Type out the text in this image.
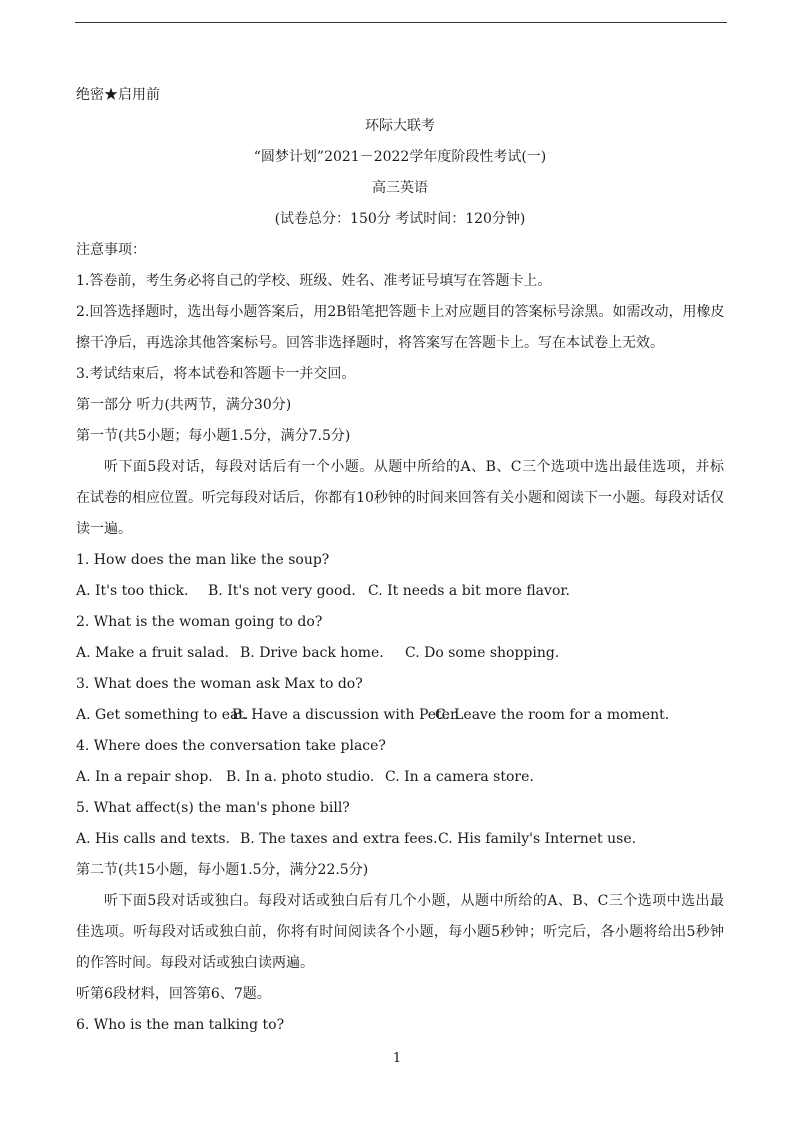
绝密★启用前
环际大联考
“圆梦计划”2021－2022学年度阶段性考试(一)
高三英语
(试卷总分：150分 考试时间：120分钟)
注意事项：
1.答卷前，考生务必将自己的学校、班级、姓名、准考证号填写在答题卡上。
2.回答选择题时，选出每小题答案后，用2B铅笔把答题卡上对应题目的答案标号涂黑。如需改动，用橡皮
擦干净后，再选涂其他答案标号。回答非选择题时，将答案写在答题卡上。写在本试卷上无效。
3.考试结束后，将本试卷和答题卡一并交回。
第一部分 听力(共两节，满分30分)
第一节(共5小题；每小题1.5分，满分7.5分)
听下面5段对话，每段对话后有一个小题。从题中所给的A、B、C三个选项中选出最佳选项，并标
在试卷的相应位置。听完每段对话后，你都有10秒钟的时间来回答有关小题和阅读下一小题。每段对话仅
读一遍。
1. How does the man like the soup?
A. It's too thick.	B. It's not very good. C. It needs a bit more flavor.
2. What is the woman going to do?
A. Make a fruit salad. B. Drive back home.	C. Do some shopping.
3. What does the woman ask Max to do?
A. Get something to eat.
B. Have a discussion with Peter.
C. Leave the room for a moment.
4. Where does the conversation take place?
A. In a repair shop. B. In a. photo studio. C. In a camera store.
5. What affect(s) the man's phone bill?
A. His calls and texts. B. The taxes and extra fees. C. His family's Internet use.
第二节(共15小题，每小题1.5分，满分22.5分)
听下面5段对话或独白。每段对话或独白后有几个小题，从题中所给的A、B、C三个选项中选出最
佳选项。听每段对话或独白前，你将有时间阅读各个小题，每小题5秒钟；听完后，各小题将给出5秒钟
的作答时间。每段对话或独白读两遍。
听第6段材料，回答第6、7题。
6. Who is the man talking to?
1
